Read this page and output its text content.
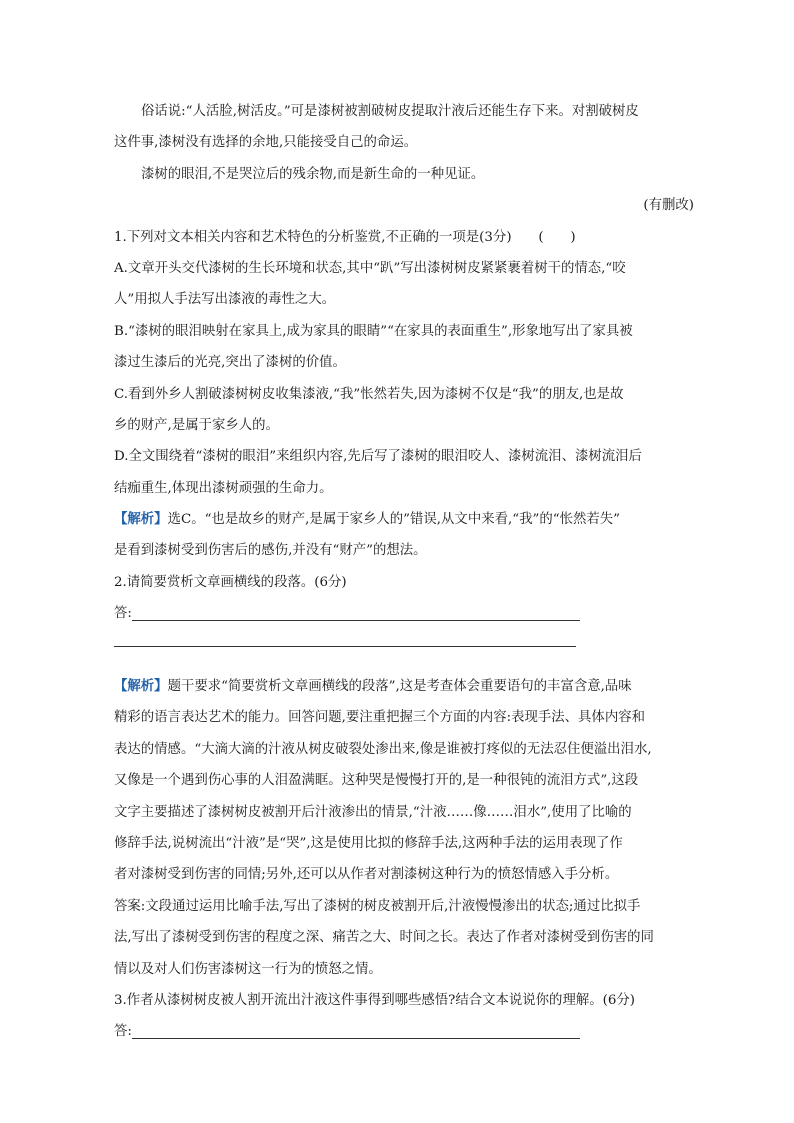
俗话说:“人活脸,树活皮。”可是漆树被割破树皮提取汁液后还能生存下来。对割破树皮
这件事,漆树没有选择的余地,只能接受自己的命运。
漆树的眼泪,不是哭泣后的残余物,而是新生命的一种见证。
(有删改)
1.下列对文本相关内容和艺术特色的分析鉴赏,不正确的一项是(3分)　　(　　)
A.文章开头交代漆树的生长环境和状态,其中“趴”写出漆树树皮紧紧裹着树干的情态,“咬
人”用拟人手法写出漆液的毒性之大。
B.“漆树的眼泪映射在家具上,成为家具的眼睛”“在家具的表面重生”,形象地写出了家具被
漆过生漆后的光亮,突出了漆树的价值。
C.看到外乡人割破漆树树皮收集漆液,“我”怅然若失,因为漆树不仅是“我”的朋友,也是故
乡的财产,是属于家乡人的。
D.全文围绕着“漆树的眼泪”来组织内容,先后写了漆树的眼泪咬人、漆树流泪、漆树流泪后
结痂重生,体现出漆树顽强的生命力。
【解析】选C。“也是故乡的财产,是属于家乡人的”错误,从文中来看,“我”的“怅然若失”
是看到漆树受到伤害后的感伤,并没有“财产”的想法。
2.请简要赏析文章画横线的段落。(6分)
答:
【解析】题干要求“简要赏析文章画横线的段落”,这是考查体会重要语句的丰富含意,品味
精彩的语言表达艺术的能力。回答问题,要注重把握三个方面的内容:表现手法、具体内容和
表达的情感。“大滴大滴的汁液从树皮破裂处渗出来,像是谁被打疼似的无法忍住便溢出泪水,
又像是一个遇到伤心事的人泪盈满眶。这种哭是慢慢打开的,是一种很钝的流泪方式”,这段
文字主要描述了漆树树皮被割开后汁液渗出的情景,“汁液……像……泪水”,使用了比喻的
修辞手法,说树流出“汁液”是“哭”,这是使用比拟的修辞手法,这两种手法的运用表现了作
者对漆树受到伤害的同情;另外,还可以从作者对割漆树这种行为的愤怒情感入手分析。
答案:文段通过运用比喻手法,写出了漆树的树皮被割开后,汁液慢慢渗出的状态;通过比拟手
法,写出了漆树受到伤害的程度之深、痛苦之大、时间之长。表达了作者对漆树受到伤害的同
情以及对人们伤害漆树这一行为的愤怒之情。
3.作者从漆树树皮被人割开流出汁液这件事得到哪些感悟?结合文本说说你的理解。(6分)
答:
